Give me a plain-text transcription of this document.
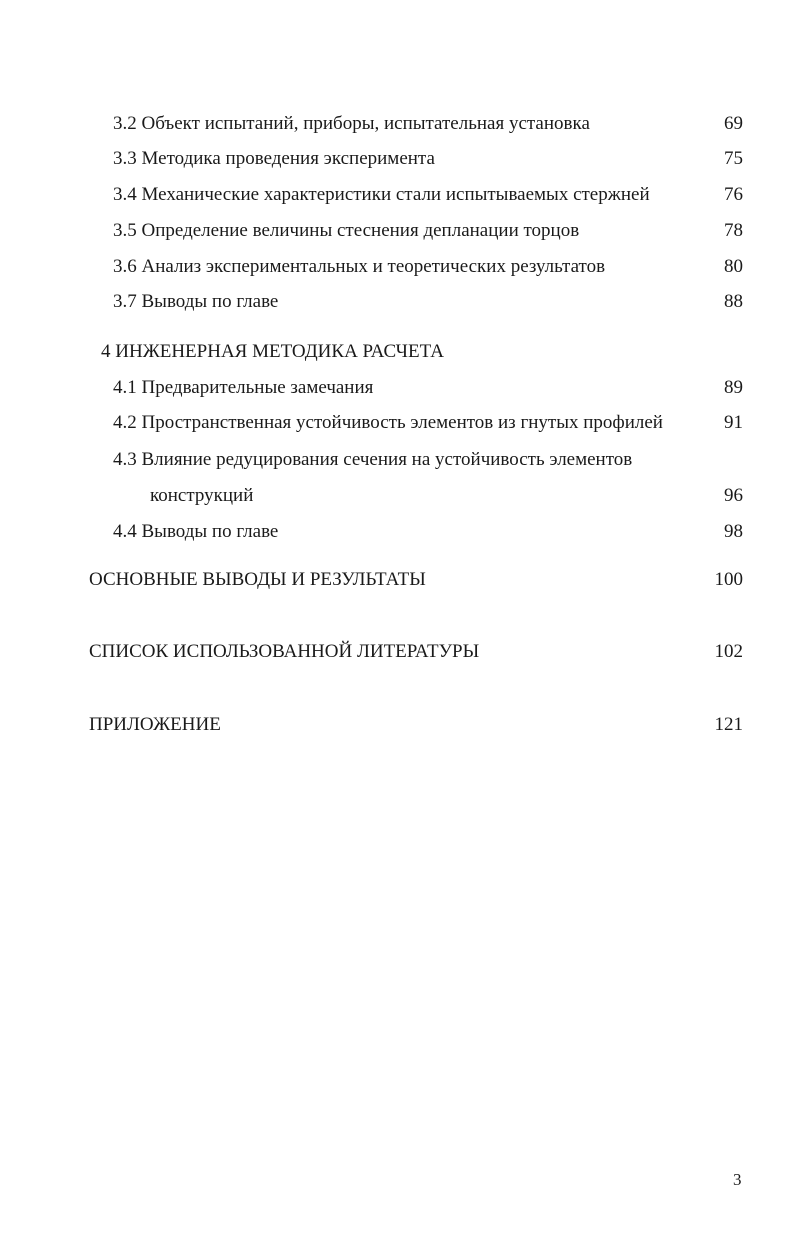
3.2 Объект испытаний, приборы, испытательная установка	69
3.3 Методика проведения эксперимента	75
3.4 Механические характеристики стали испытываемых стержней	76
3.5 Определение величины стеснения депланации торцов	78
3.6 Анализ экспериментальных и теоретических результатов	80
3.7 Выводы по главе	88
4 ИНЖЕНЕРНАЯ МЕТОДИКА РАСЧЕТА
4.1 Предварительные замечания	89
4.2 Пространственная устойчивость элементов из гнутых профилей	91
4.3 Влияние редуцирования сечения на устойчивость элементов
конструкций	96
4.4 Выводы по главе	98
ОСНОВНЫЕ ВЫВОДЫ И РЕЗУЛЬТАТЫ	100
СПИСОК ИСПОЛЬЗОВАННОЙ ЛИТЕРАТУРЫ	102
ПРИЛОЖЕНИЕ	121
3
